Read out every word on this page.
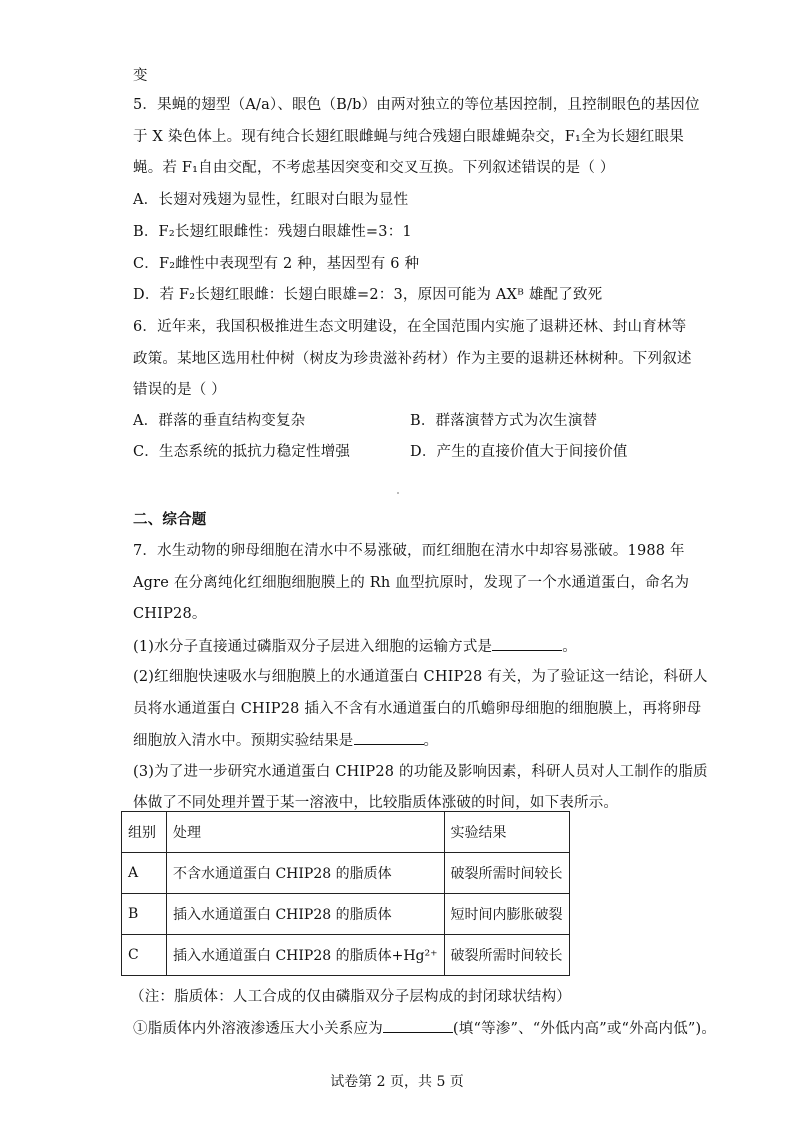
变
5．果蝇的翅型（A/a）、眼色（B/b）由两对独立的等位基因控制，且控制眼色的基因位
于 X 染色体上。现有纯合长翅红眼雌蝇与纯合残翅白眼雄蝇杂交，F₁全为长翅红眼果
蝇。若 F₁自由交配，不考虑基因突变和交叉互换。下列叙述错误的是（ ）
A．长翅对残翅为显性，红眼对白眼为显性
B．F₂长翅红眼雌性：残翅白眼雄性=3：1
C．F₂雌性中表现型有 2 种，基因型有 6 种
D．若 F₂长翅红眼雌：长翅白眼雄=2：3，原因可能为 AXᴮ 雄配了致死
6．近年来，我国积极推进生态文明建设，在全国范围内实施了退耕还林、封山育林等
政策。某地区选用杜仲树（树皮为珍贵滋补药材）作为主要的退耕还林树种。下列叙述
错误的是（ ）
A．群落的垂直结构变复杂	B．群落演替方式为次生演替
C．生态系统的抵抗力稳定性增强	D．产生的直接价值大于间接价值
二、综合题
7．水生动物的卵母细胞在清水中不易涨破，而红细胞在清水中却容易涨破。1988 年
Agre 在分离纯化红细胞细胞膜上的 Rh 血型抗原时，发现了一个水通道蛋白，命名为
CHIP28。
(1)水分子直接通过磷脂双分子层进入细胞的运输方式是	。
(2)红细胞快速吸水与细胞膜上的水通道蛋白 CHIP28 有关，为了验证这一结论，科研人
员将水通道蛋白 CHIP28 插入不含有水通道蛋白的爪蟾卵母细胞的细胞膜上，再将卵母
细胞放入清水中。预期实验结果是	。
(3)为了进一步研究水通道蛋白 CHIP28 的功能及影响因素，科研人员对人工制作的脂质
体做了不同处理并置于某一溶液中，比较脂质体涨破的时间，如下表所示。
组别	处理	实验结果
A	不含水通道蛋白 CHIP28 的脂质体	破裂所需时间较长
B	插入水通道蛋白 CHIP28 的脂质体	短时间内膨胀破裂
C	插入水通道蛋白 CHIP28 的脂质体+Hg²⁺	破裂所需时间较长
（注：脂质体：人工合成的仅由磷脂双分子层构成的封闭球状结构）
①脂质体内外溶液渗透压大小关系应为	(填“等渗”、“外低内高”或“外高内低”)。
试卷第 2 页，共 5 页
